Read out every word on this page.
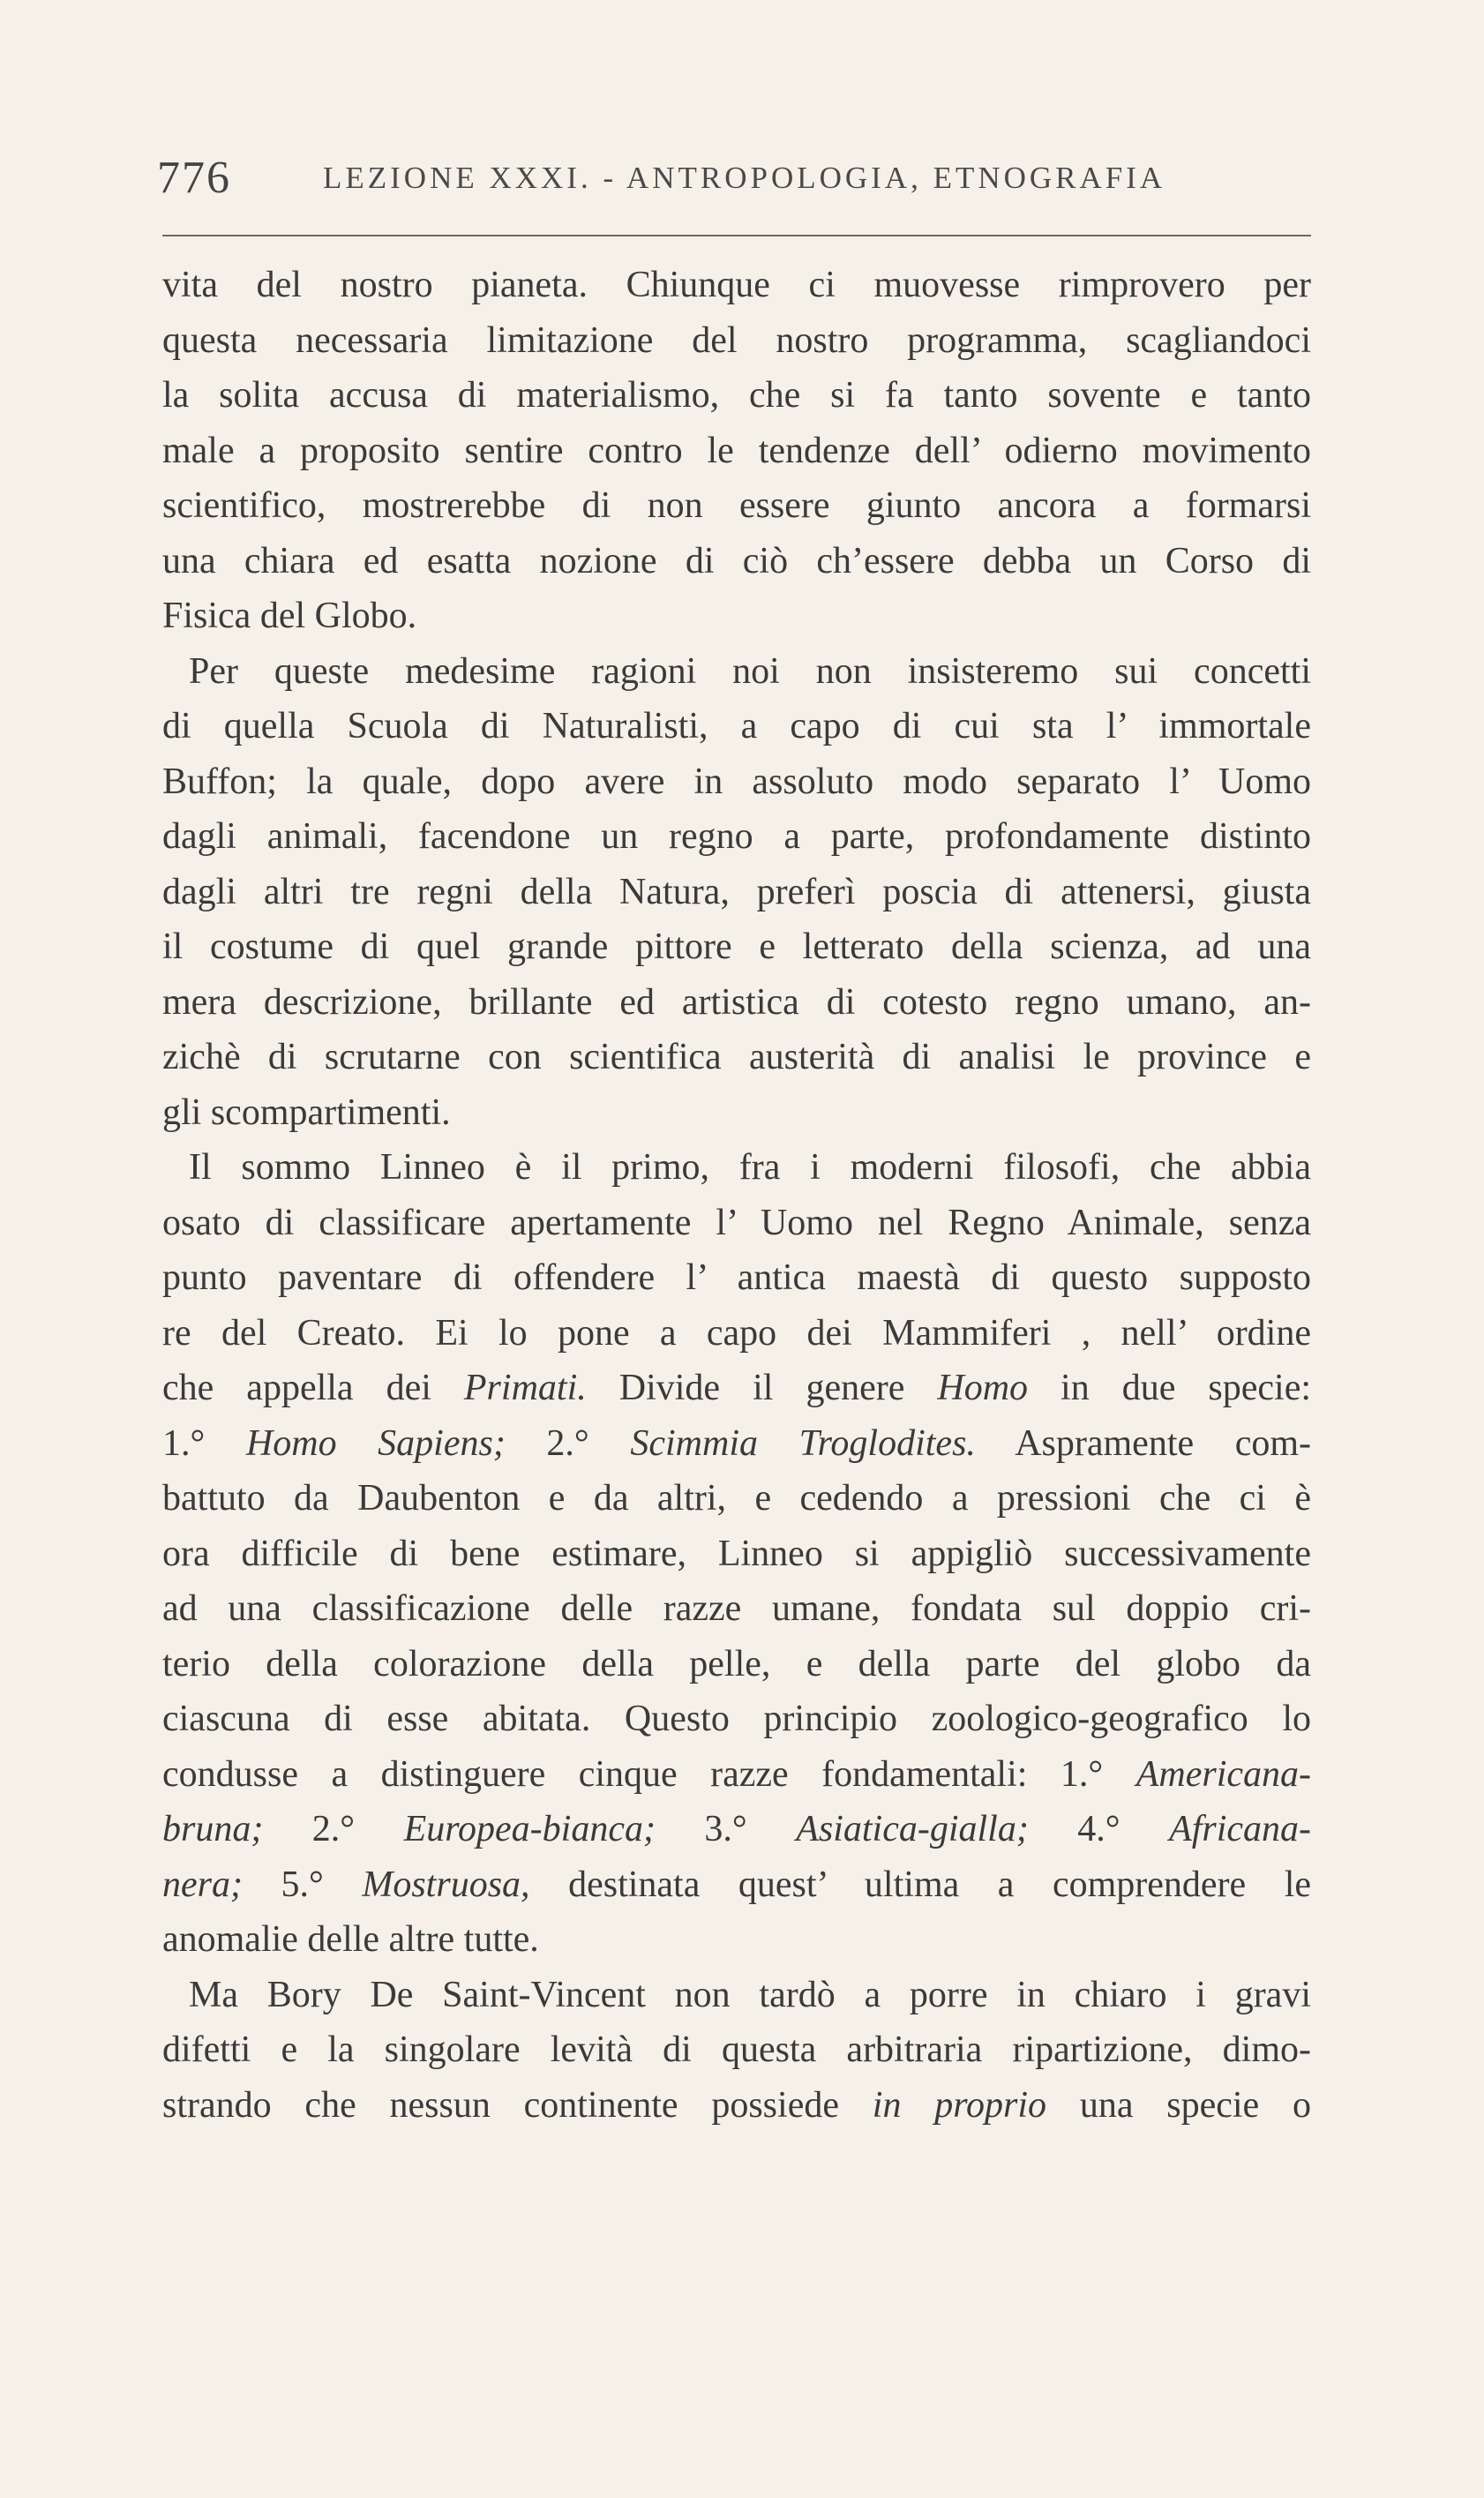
776	LEZIONE XXXI. - ANTROPOLOGIA, ETNOGRAFIA
vita del nostro pianeta. Chiunque ci muovesse rimprovero per
questa necessaria limitazione del nostro programma, scagliandoci
la solita accusa di materialismo, che si fa tanto sovente e tanto
male a proposito sentire contro le tendenze dell’ odierno movimento
scientifico, mostrerebbe di non essere giunto ancora a formarsi
una chiara ed esatta nozione di ciò ch’essere debba un Corso di
Fisica del Globo.
Per queste medesime ragioni noi non insisteremo sui concetti
di quella Scuola di Naturalisti, a capo di cui sta l’ immortale
Buffon; la quale, dopo avere in assoluto modo separato l’ Uomo
dagli animali, facendone un regno a parte, profondamente distinto
dagli altri tre regni della Natura, preferì poscia di attenersi, giusta
il costume di quel grande pittore e letterato della scienza, ad una
mera descrizione, brillante ed artistica di cotesto regno umano, an-
zichè di scrutarne con scientifica austerità di analisi le province e
gli scompartimenti.
Il sommo Linneo è il primo, fra i moderni filosofi, che abbia
osato di classificare apertamente l’ Uomo nel Regno Animale, senza
punto paventare di offendere l’ antica maestà di questo supposto
re del Creato. Ei lo pone a capo dei Mammiferi , nell’ ordine
che appella dei Primati. Divide il genere Homo in due specie:
1.° Homo Sapiens; 2.° Scimmia Troglodites. Aspramente com-
battuto da Daubenton e da altri, e cedendo a pressioni che ci è
ora difficile di bene estimare, Linneo si appigliò successivamente
ad una classificazione delle razze umane, fondata sul doppio cri-
terio della colorazione della pelle, e della parte del globo da
ciascuna di esse abitata. Questo principio zoologico-geografico lo
condusse a distinguere cinque razze fondamentali: 1.° Americana-
bruna; 2.° Europea-bianca; 3.° Asiatica-gialla; 4.° Africana-
nera; 5.° Mostruosa, destinata quest’ ultima a comprendere le
anomalie delle altre tutte.
Ma Bory De Saint-Vincent non tardò a porre in chiaro i gravi
difetti e la singolare levità di questa arbitraria ripartizione, dimo-
strando che nessun continente possiede in proprio una specie o
